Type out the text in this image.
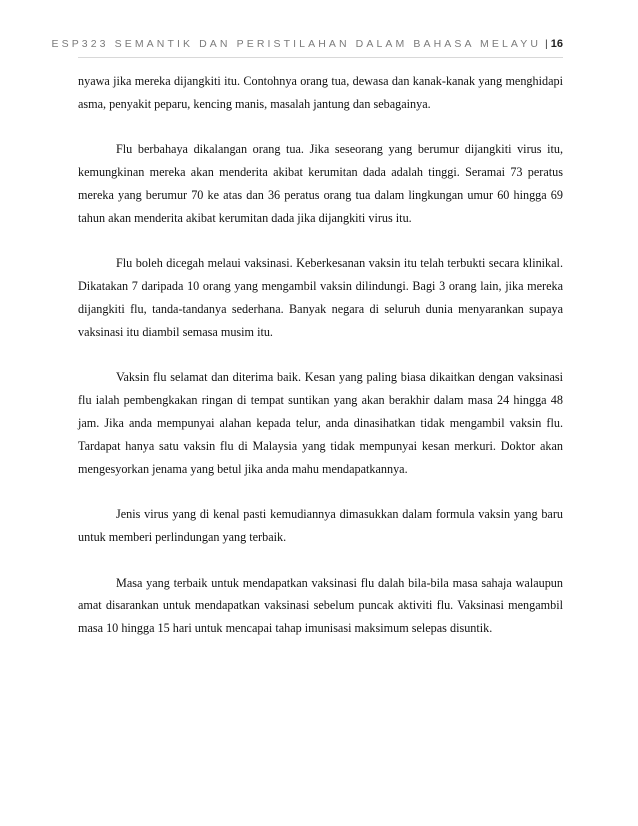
ESP323 SEMANTIK DAN PERISTILAHAN DALAM BAHASA MELAYU | 16

nyawa jika mereka dijangkiti itu. Contohnya orang tua, dewasa dan kanak-kanak yang menghidapi asma, penyakit peparu, kencing manis, masalah jantung dan sebagainya.

Flu berbahaya dikalangan orang tua. Jika seseorang yang berumur dijangkiti virus itu, kemungkinan mereka akan menderita akibat kerumitan dada adalah tinggi. Seramai 73 peratus mereka yang berumur 70 ke atas dan 36 peratus orang tua dalam lingkungan umur 60 hingga 69 tahun akan menderita akibat kerumitan dada jika dijangkiti virus itu.

Flu boleh dicegah melaui vaksinasi. Keberkesanan vaksin itu telah terbukti secara klinikal. Dikatakan 7 daripada 10 orang yang mengambil vaksin dilindungi. Bagi 3 orang lain, jika mereka dijangkiti flu, tanda-tandanya sederhana. Banyak negara di seluruh dunia menyarankan supaya vaksinasi itu diambil semasa musim itu.

Vaksin flu selamat dan diterima baik. Kesan yang paling biasa dikaitkan dengan vaksinasi flu ialah pembengkakan ringan di tempat suntikan yang akan berakhir dalam masa 24 hingga 48 jam. Jika anda mempunyai alahan kepada telur, anda dinasihatkan tidak mengambil vaksin flu. Tardapat hanya satu vaksin flu di Malaysia yang tidak mempunyai kesan merkuri. Doktor akan mengesyorkan jenama yang betul jika anda mahu mendapatkannya.

Jenis virus yang di kenal pasti kemudiannya dimasukkan dalam formula vaksin yang baru untuk memberi perlindungan yang terbaik.

Masa yang terbaik untuk mendapatkan vaksinasi flu dalah bila-bila masa sahaja walaupun amat disarankan untuk mendapatkan vaksinasi sebelum puncak aktiviti flu. Vaksinasi mengambil masa 10 hingga 15 hari untuk mencapai tahap imunisasi maksimum selepas disuntik.
